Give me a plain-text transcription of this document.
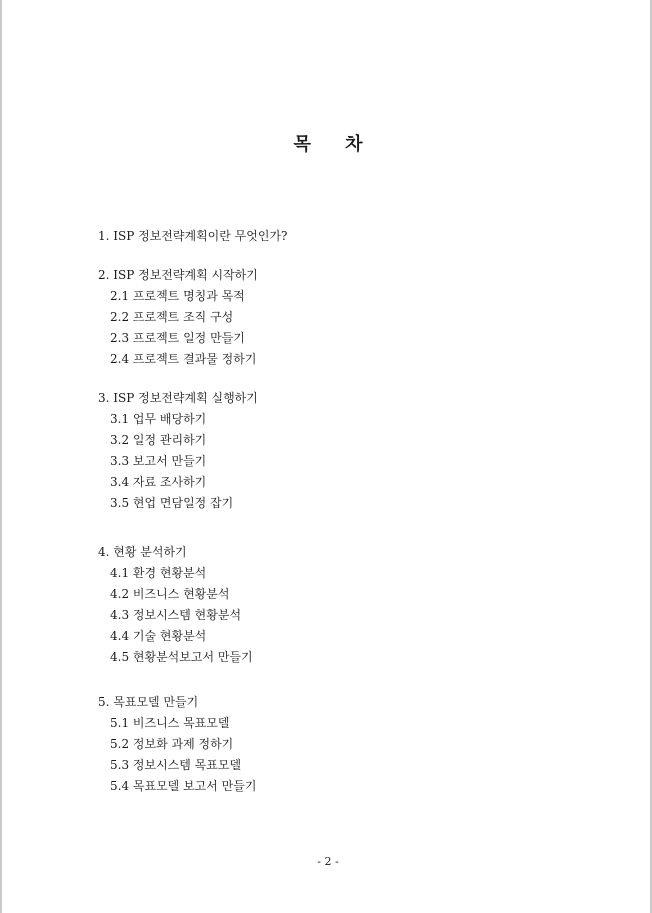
목 차
1. ISP 정보전략계획이란 무엇인가?
2. ISP 정보전략계획 시작하기
2.1 프로젝트 명칭과 목적
2.2 프로젝트 조직 구성
2.3 프로젝트 일정 만들기
2.4 프로젝트 결과물 정하기
3. ISP 정보전략계획 실행하기
3.1 업무 배당하기
3.2 일정 관리하기
3.3 보고서 만들기
3.4 자료 조사하기
3.5 현업 면담일정 잡기
4. 현황 분석하기
4.1 환경 현황분석
4.2 비즈니스 현황분석
4.3 정보시스템 현황분석
4.4 기술 현황분석
4.5 현황분석보고서 만들기
5. 목표모델 만들기
5.1 비즈니스 목표모델
5.2 정보화 과제 정하기
5.3 정보시스템 목표모델
5.4 목표모델 보고서 만들기
- 2 -
